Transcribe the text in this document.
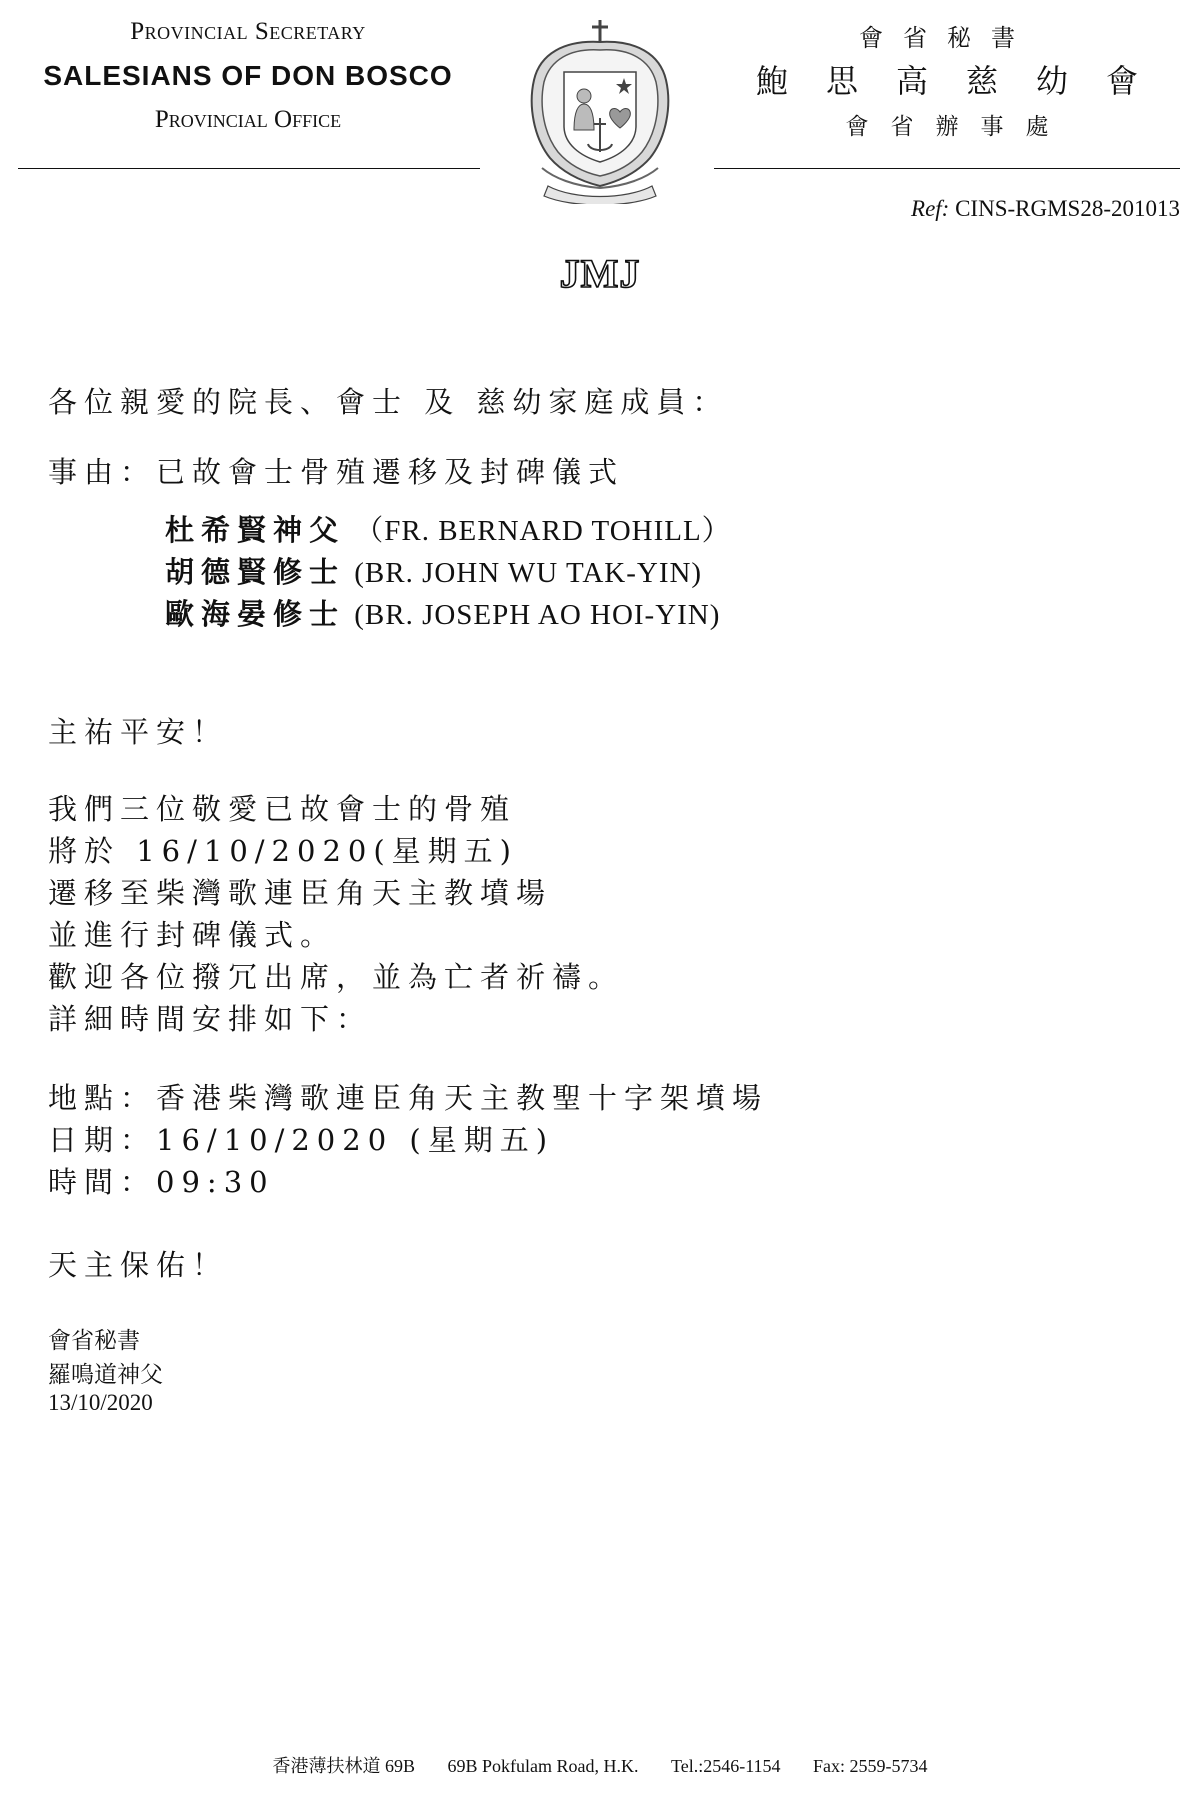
Provincial Secretary
SALESIANS OF DON BOSCO
Provincial Office
會省秘書
鮑思高慈幼會
會省辦事處
Ref: CINS-RGMS28-201013
JMJ
各位親愛的院長、會士 及 慈幼家庭成員：
事由：已故會士骨殖遷移及封碑儀式
杜希賢神父 （FR. BERNARD TOHILL）
胡德賢修士 (BR. JOHN WU TAK-YIN)
歐海晏修士 (BR. JOSEPH AO HOI-YIN)
主祐平安！
我們三位敬愛已故會士的骨殖
將於 16/10/2020(星期五)
遷移至柴灣歌連臣角天主教墳場
並進行封碑儀式。
歡迎各位撥冗出席，並為亡者祈禱。
詳細時間安排如下：
地點：香港柴灣歌連臣角天主教聖十字架墳場
日期：16/10/2020 (星期五)
時間：09:30
天主保佑！
會省秘書
羅鳴道神父
13/10/2020
香港薄扶林道 69B 69B Pokfulam Road, H.K. Tel.:2546-1154 Fax: 2559-5734
